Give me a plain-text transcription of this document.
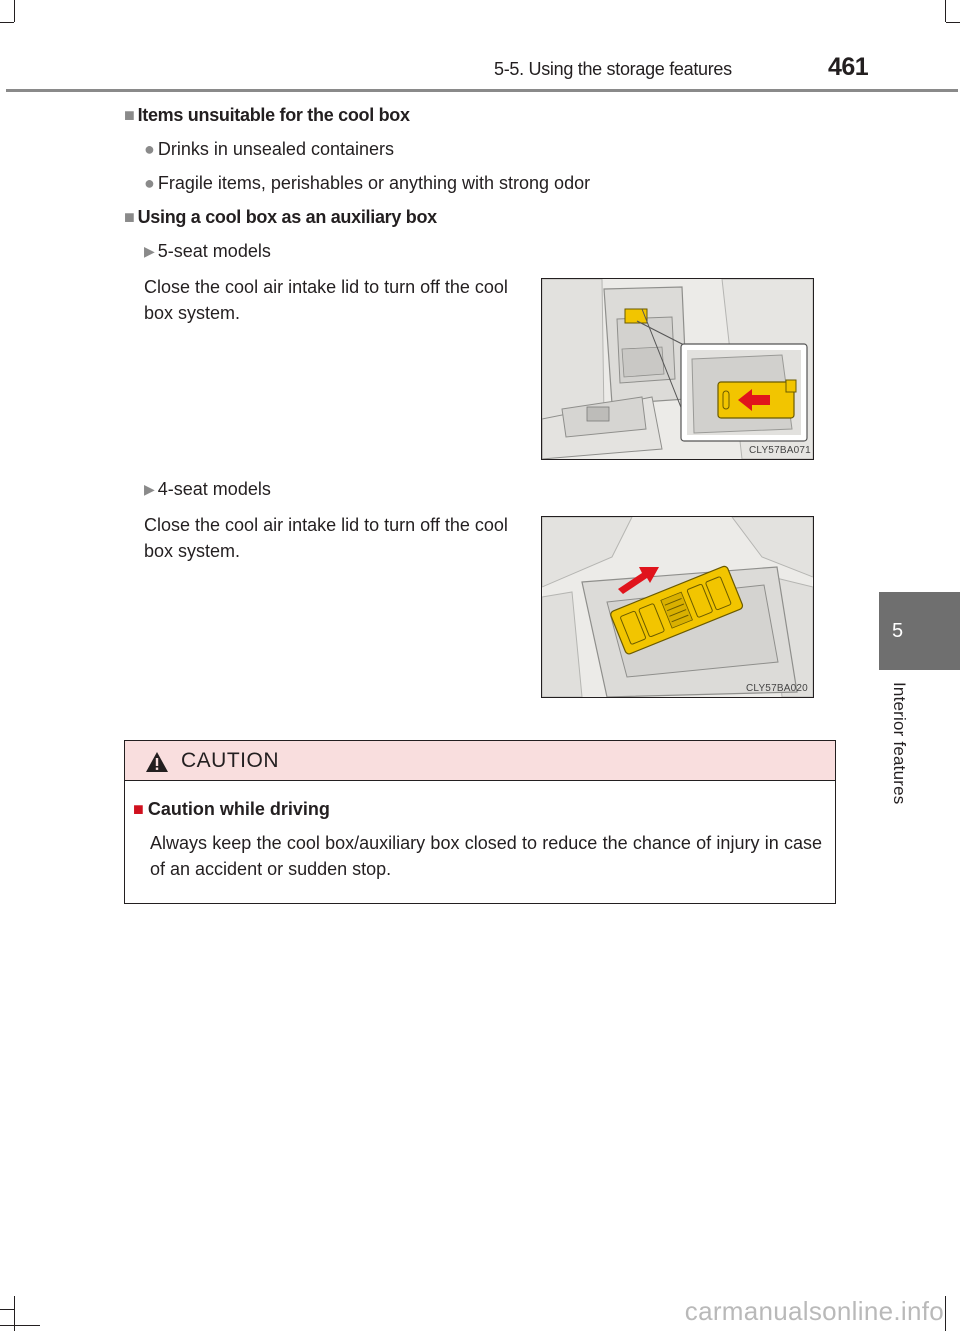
5-5. Using the storage features	461
5
Interior features
■ Items unsuitable for the cool box
● Drinks in unsealed containers
● Fragile items, perishables or anything with strong odor
■ Using a cool box as an auxiliary box
▶ 5-seat models
Close the cool air intake lid to turn off the cool box system.
CLY57BA071
▶ 4-seat models
Close the cool air intake lid to turn off the cool box system.
CLY57BA020
CAUTION
■ Caution while driving
Always keep the cool box/auxiliary box closed to reduce the chance of injury in case of an accident or sudden stop.
carmanualsonline.info
